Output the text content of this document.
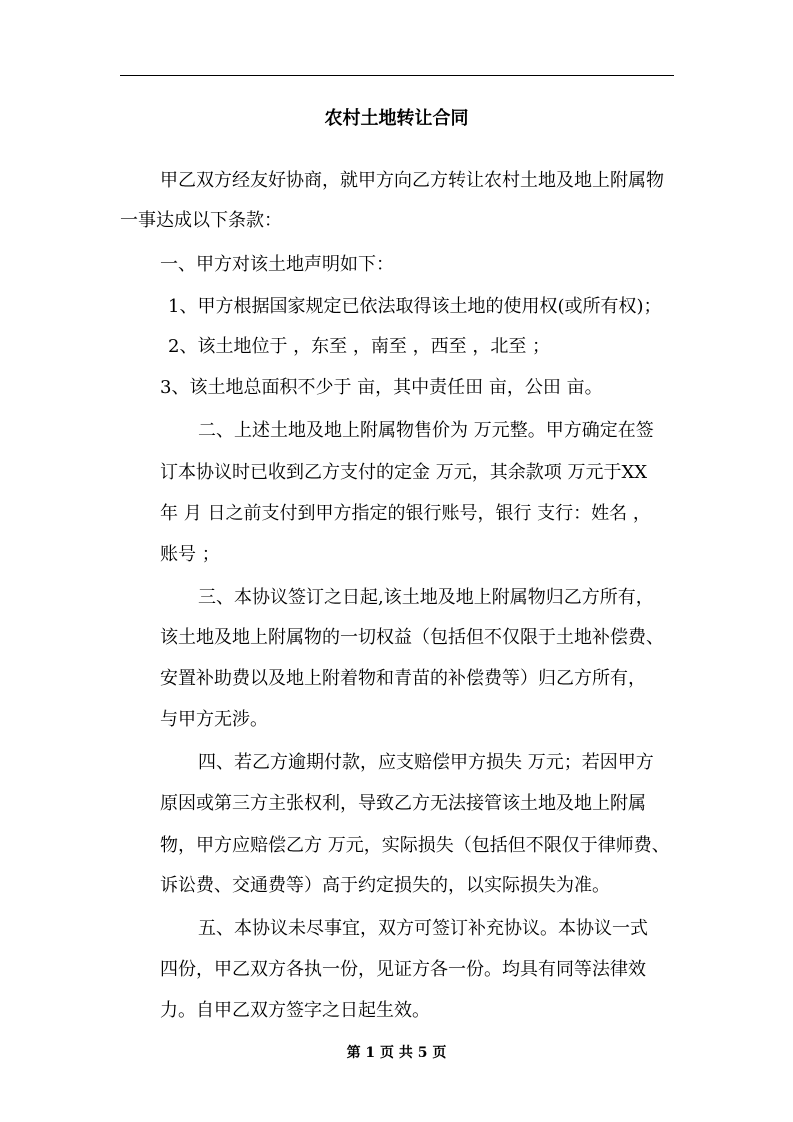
农村土地转让合同
甲乙双方经友好协商，就甲方向乙方转让农村土地及地上附属物
一事达成以下条款：
一、甲方对该土地声明如下：
1、甲方根据国家规定已依法取得该土地的使用权(或所有权)；
2、该土地位于 ，东至 ，南至 ，西至 ，北至 ；
3、该土地总面积不少于 亩，其中责任田 亩，公田 亩。
二、上述土地及地上附属物售价为 万元整。甲方确定在签
订本协议时已收到乙方支付的定金 万元，其余款项 万元于XX
年 月 日之前支付到甲方指定的银行账号，银行 支行：姓名 ，
账号 ；
三、本协议签订之日起,该土地及地上附属物归乙方所有，
该土地及地上附属物的一切权益（包括但不仅限于土地补偿费、
安置补助费以及地上附着物和青苗的补偿费等）归乙方所有，
与甲方无涉。
四、若乙方逾期付款，应支赔偿甲方损失 万元；若因甲方
原因或第三方主张权利，导致乙方无法接管该土地及地上附属
物，甲方应赔偿乙方 万元，实际损失（包括但不限仅于律师费、
诉讼费、交通费等）高于约定损失的，以实际损失为准。
五、本协议未尽事宜，双方可签订补充协议。本协议一式
四份，甲乙双方各执一份，见证方各一份。均具有同等法律效
力。自甲乙双方签字之日起生效。
第 1 页 共 5 页
